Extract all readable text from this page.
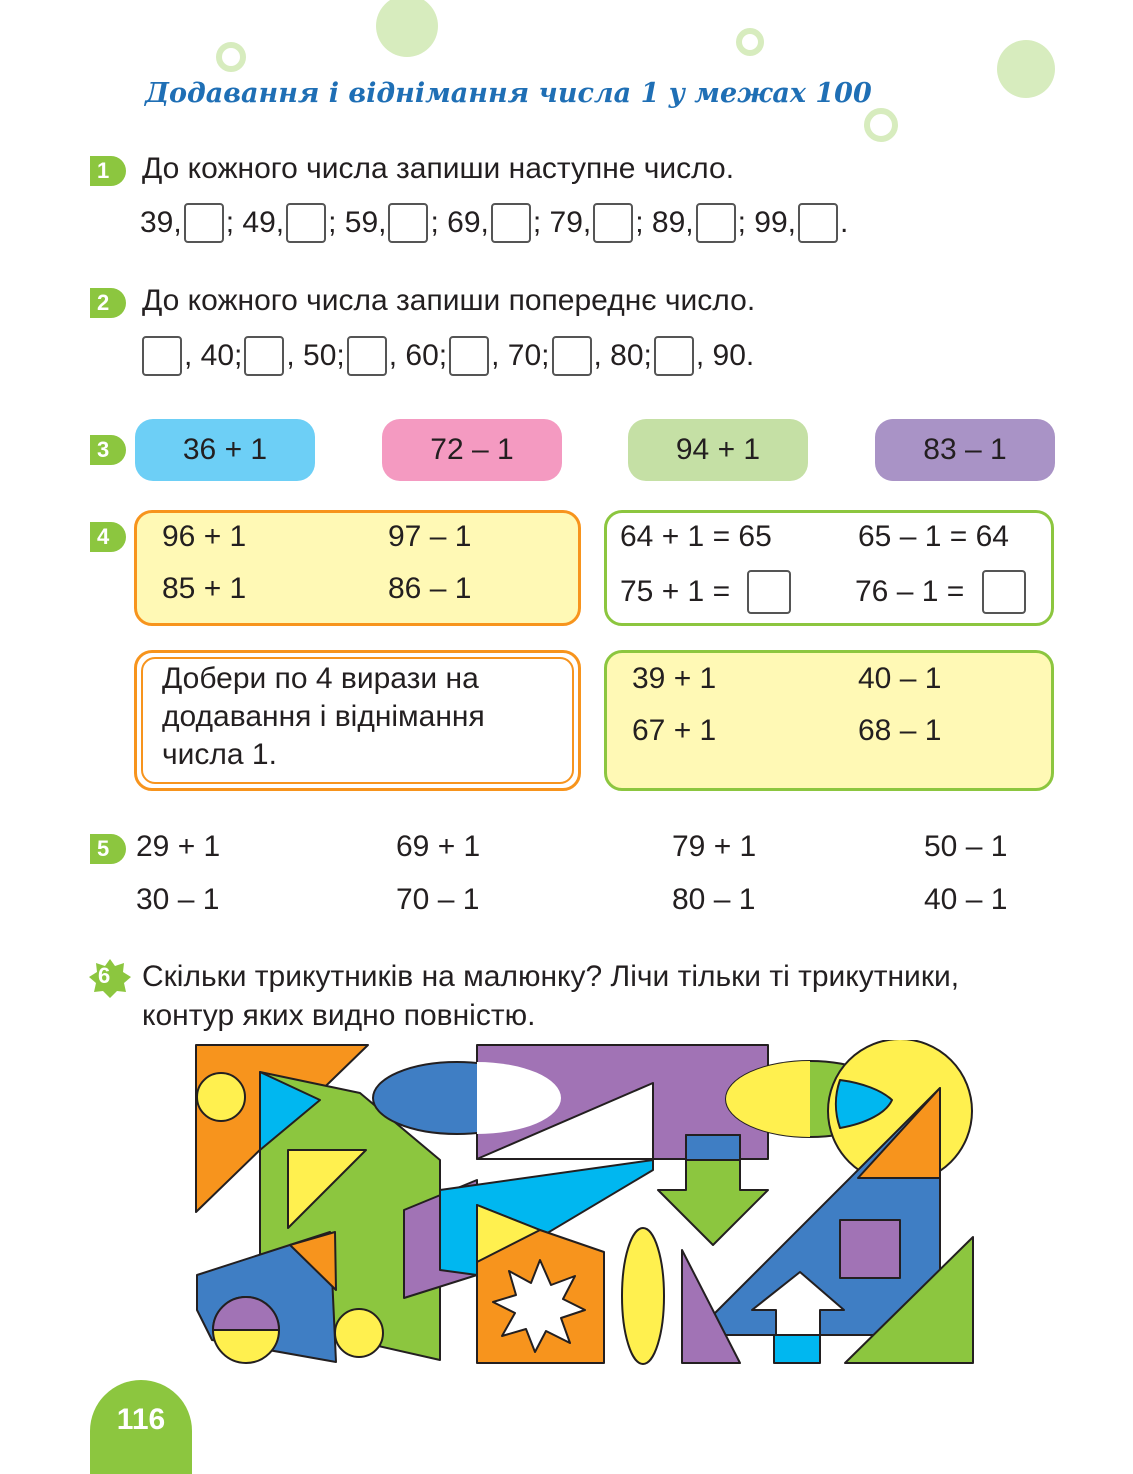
Додавання і віднімання числа 1 у межах 100
1	До кожного числа запиши наступне число.
39, ; 49, ; 59, ; 69, ; 79, ; 89, ; 99, .
2	До кожного числа запиши попереднє число.
, 40; , 50; , 60; , 70; , 80; , 90.
3	36 + 1	72 – 1	94 + 1	83 – 1
4	96 + 1	97 – 1
85 + 1	86 – 1
64 + 1 = 65	65 – 1 = 64
75 + 1 =	76 – 1 =
Добери по 4 вирази на додавання і віднімання числа 1.
39 + 1	40 – 1
67 + 1	68 – 1
5 29 + 1	69 + 1	79 + 1	50 – 1
30 – 1	70 – 1	80 – 1	40 – 1
6 Скільки трикутників на малюнку? Лічи тільки ті трикутники,
контур яких видно повністю.
116
